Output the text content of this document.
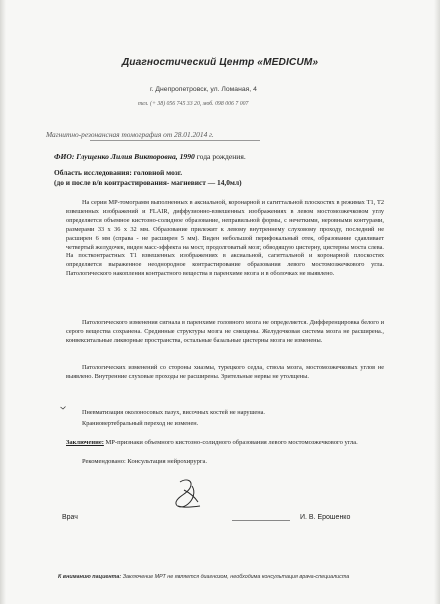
Диагностический Центр «MEDICUM»
г. Днепропетровск, ул. Ломаная, 4
тел. (+ 38) 056 745 33 20, моб. 098 006 7 007
Магнитно-резонансная томография от 28.01.2014 г.
ФИО: Глущенко Лилия Викторовна, 1990 года рождения.
Область исследования: головной мозг.
(до и после в/в контрастирования- магневист — 14,0мл)

На серии МР-томограмм выполненных в аксиальной, коронарной и сагиттальной плоскостях в режимах Т1, Т2 взвешенных изображений и FLAIR, диффузионно-взвешенных изображениях в левом мостомозжечковом углу определяется объемное кистозно-солидное образование, неправильной формы, с нечеткими, неровными контурами, размерами 33 х 36 х 32 мм. Образование прилежит к левому внутреннему слуховому проходу, последний не расширен 6 мм (справа - не расширен 5 мм). Виден небольшой перифокальный отек, образование сдавливает четвертый желудочек, виден масс-эффекта на мост, продолговатый мозг, обводящую цистерну, цистерны моста слева. На постконтрастных Т1 взвешенных изображениях в аксиальной, сагиттальной и коронарной плоскостях определяется выраженное неоднородное контрастирование образования левого мостомозжечкового угла. Патологического накопления контрастного вещества в паренхиме мозга и в оболочках не выявлено.

Патологического изменения сигнала в паренхиме головного мозга не определяется. Дифференцировка белого и серого вещества сохранена. Срединные структуры мозга не смещены. Желудочковая система мозга не расширена., конвекситальные ликворные пространства, остальные базальные цистерны мозга не изменены.

Патологических изменений со стороны хиазмы, турецкого седла, ствола мозга, мостомозжечковых углов не выявлено. Внутренние слуховые проходы не расширены. Зрительные нервы не утолщены.

Пневматизация околоносовых пазух, височных костей не нарушена.

Краниовертебральный переход не изменен.

Заключение: МР-признаки объемного кистозно-солидного образования левого мостомозжечкового угла.
Рекомендовано: Консультация нейрохирурга.
Врач	И. В. Ерошенко
К вниманию пациента: Заключение МРТ не является диагнозом, необходима консультация врача-специалиста
